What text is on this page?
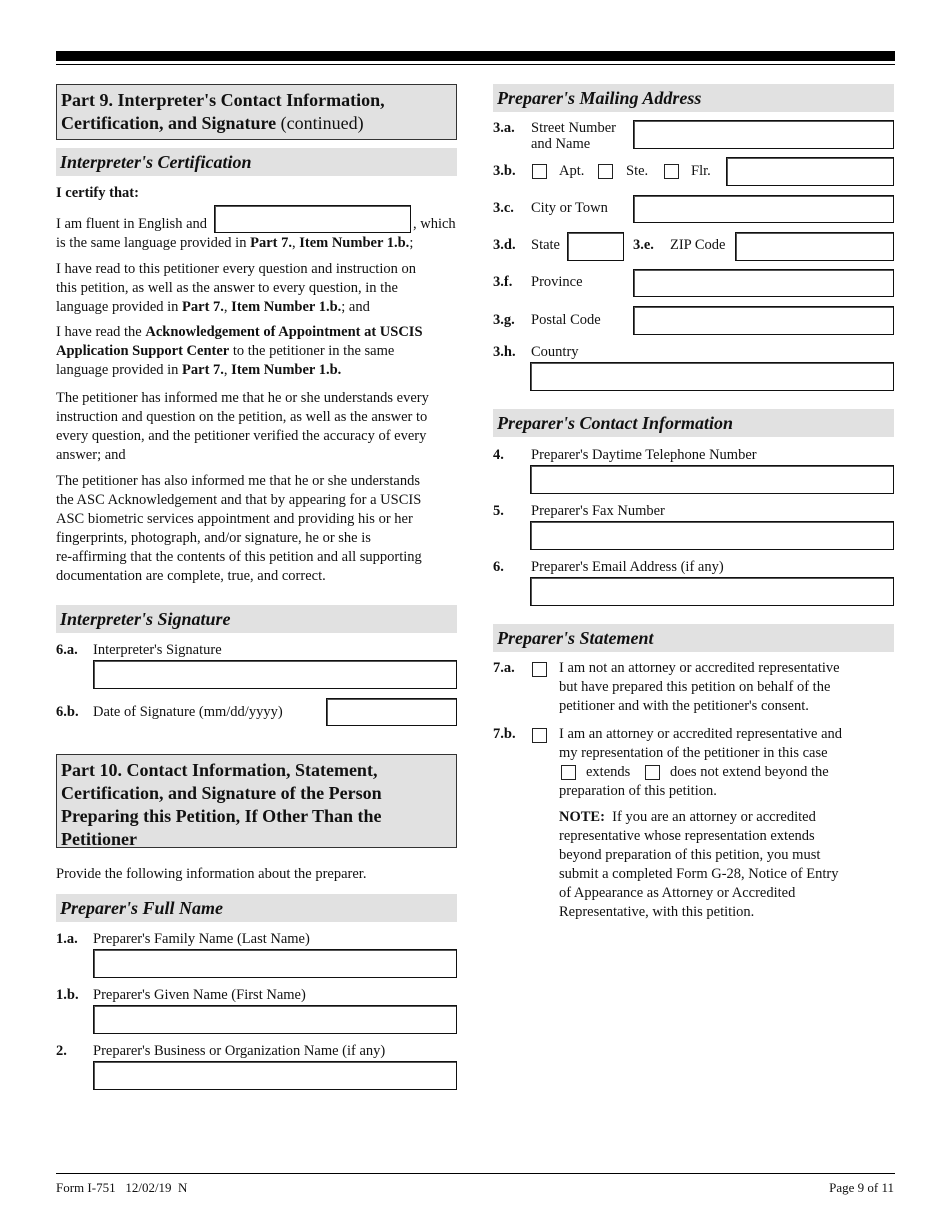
Part 9. Interpreter's Contact Information, Certification, and Signature (continued)
Interpreter's Certification
I certify that:
I am fluent in English and	, which
is the same language provided in Part 7., Item Number 1.b.;
I have read to this petitioner every question and instruction on
this petition, as well as the answer to every question, in the
language provided in Part 7., Item Number 1.b.; and
I have read the Acknowledgement of Appointment at USCIS
Application Support Center to the petitioner in the same
language provided in Part 7., Item Number 1.b.
The petitioner has informed me that he or she understands every
instruction and question on the petition, as well as the answer to
every question, and the petitioner verified the accuracy of every
answer; and
The petitioner has also informed me that he or she understands
the ASC Acknowledgement and that by appearing for a USCIS
ASC biometric services appointment and providing his or her
fingerprints, photograph, and/or signature, he or she is
re-affirming that the contents of this petition and all supporting
documentation are complete, true, and correct.
Interpreter's Signature
6.a. Interpreter's Signature
6.b. Date of Signature (mm/dd/yyyy)
Part 10. Contact Information, Statement,
Certification, and Signature of the Person
Preparing this Petition, If Other Than the
Petitioner
Provide the following information about the preparer.
Preparer's Full Name
1.a. Preparer's Family Name (Last Name)
1.b. Preparer's Given Name (First Name)
2. Preparer's Business or Organization Name (if any)
Preparer's Mailing Address
3.a. Street Number
and Name
3.b.	Apt.	Ste.	Flr.
3.c. City or Town
3.d. State	3.e. ZIP Code
3.f. Province
3.g. Postal Code
3.h. Country
Preparer's Contact Information
4. Preparer's Daytime Telephone Number
5. Preparer's Fax Number
6. Preparer's Email Address (if any)
Preparer's Statement
7.a.	I am not an attorney or accredited representative
but have prepared this petition on behalf of the
petitioner and with the petitioner's consent.
7.b.	I am an attorney or accredited representative and
my representation of the petitioner in this case
extends	does not extend beyond the
preparation of this petition.
NOTE:  If you are an attorney or accredited
representative whose representation extends
beyond preparation of this petition, you must
submit a completed Form G-28, Notice of Entry
of Appearance as Attorney or Accredited
Representative, with this petition.
Form I-751   12/02/19  N	Page 9 of 11
